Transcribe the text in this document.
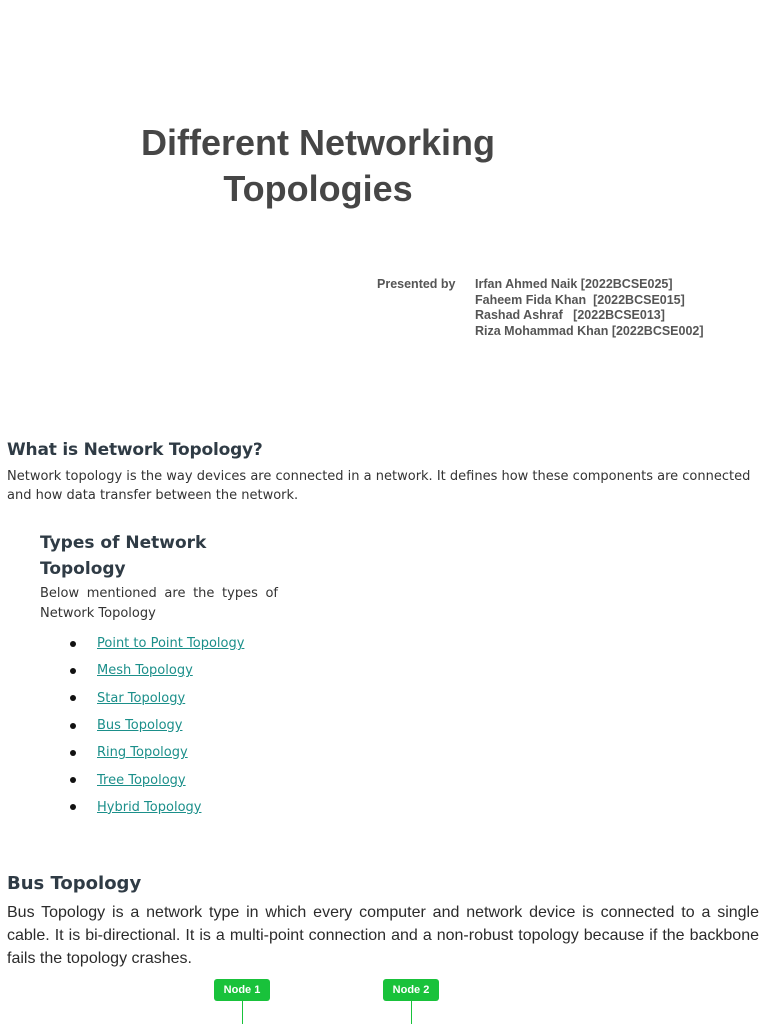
Different Networking
Topologies
Presented by Irfan Ahmed Naik [2022BCSE025]
Faheem Fida Khan  [2022BCSE015]
Rashad Ashraf   [2022BCSE013]
Riza Mohammad Khan [2022BCSE002]
What is Network Topology?
Network topology is the way devices are connected in a network. It defines how these components are connected and how data transfer between the network.
Types of Network Topology
Below mentioned are the types of Network Topology
Point to Point Topology
Mesh Topology
Star Topology
Bus Topology
Ring Topology
Tree Topology
Hybrid Topology
Bus Topology
Bus Topology is a network type in which every computer and network device is connected to a single cable. It is bi-directional. It is a multi-point connection and a non-robust topology because if the backbone fails the topology crashes.
Node 1	Node 2
